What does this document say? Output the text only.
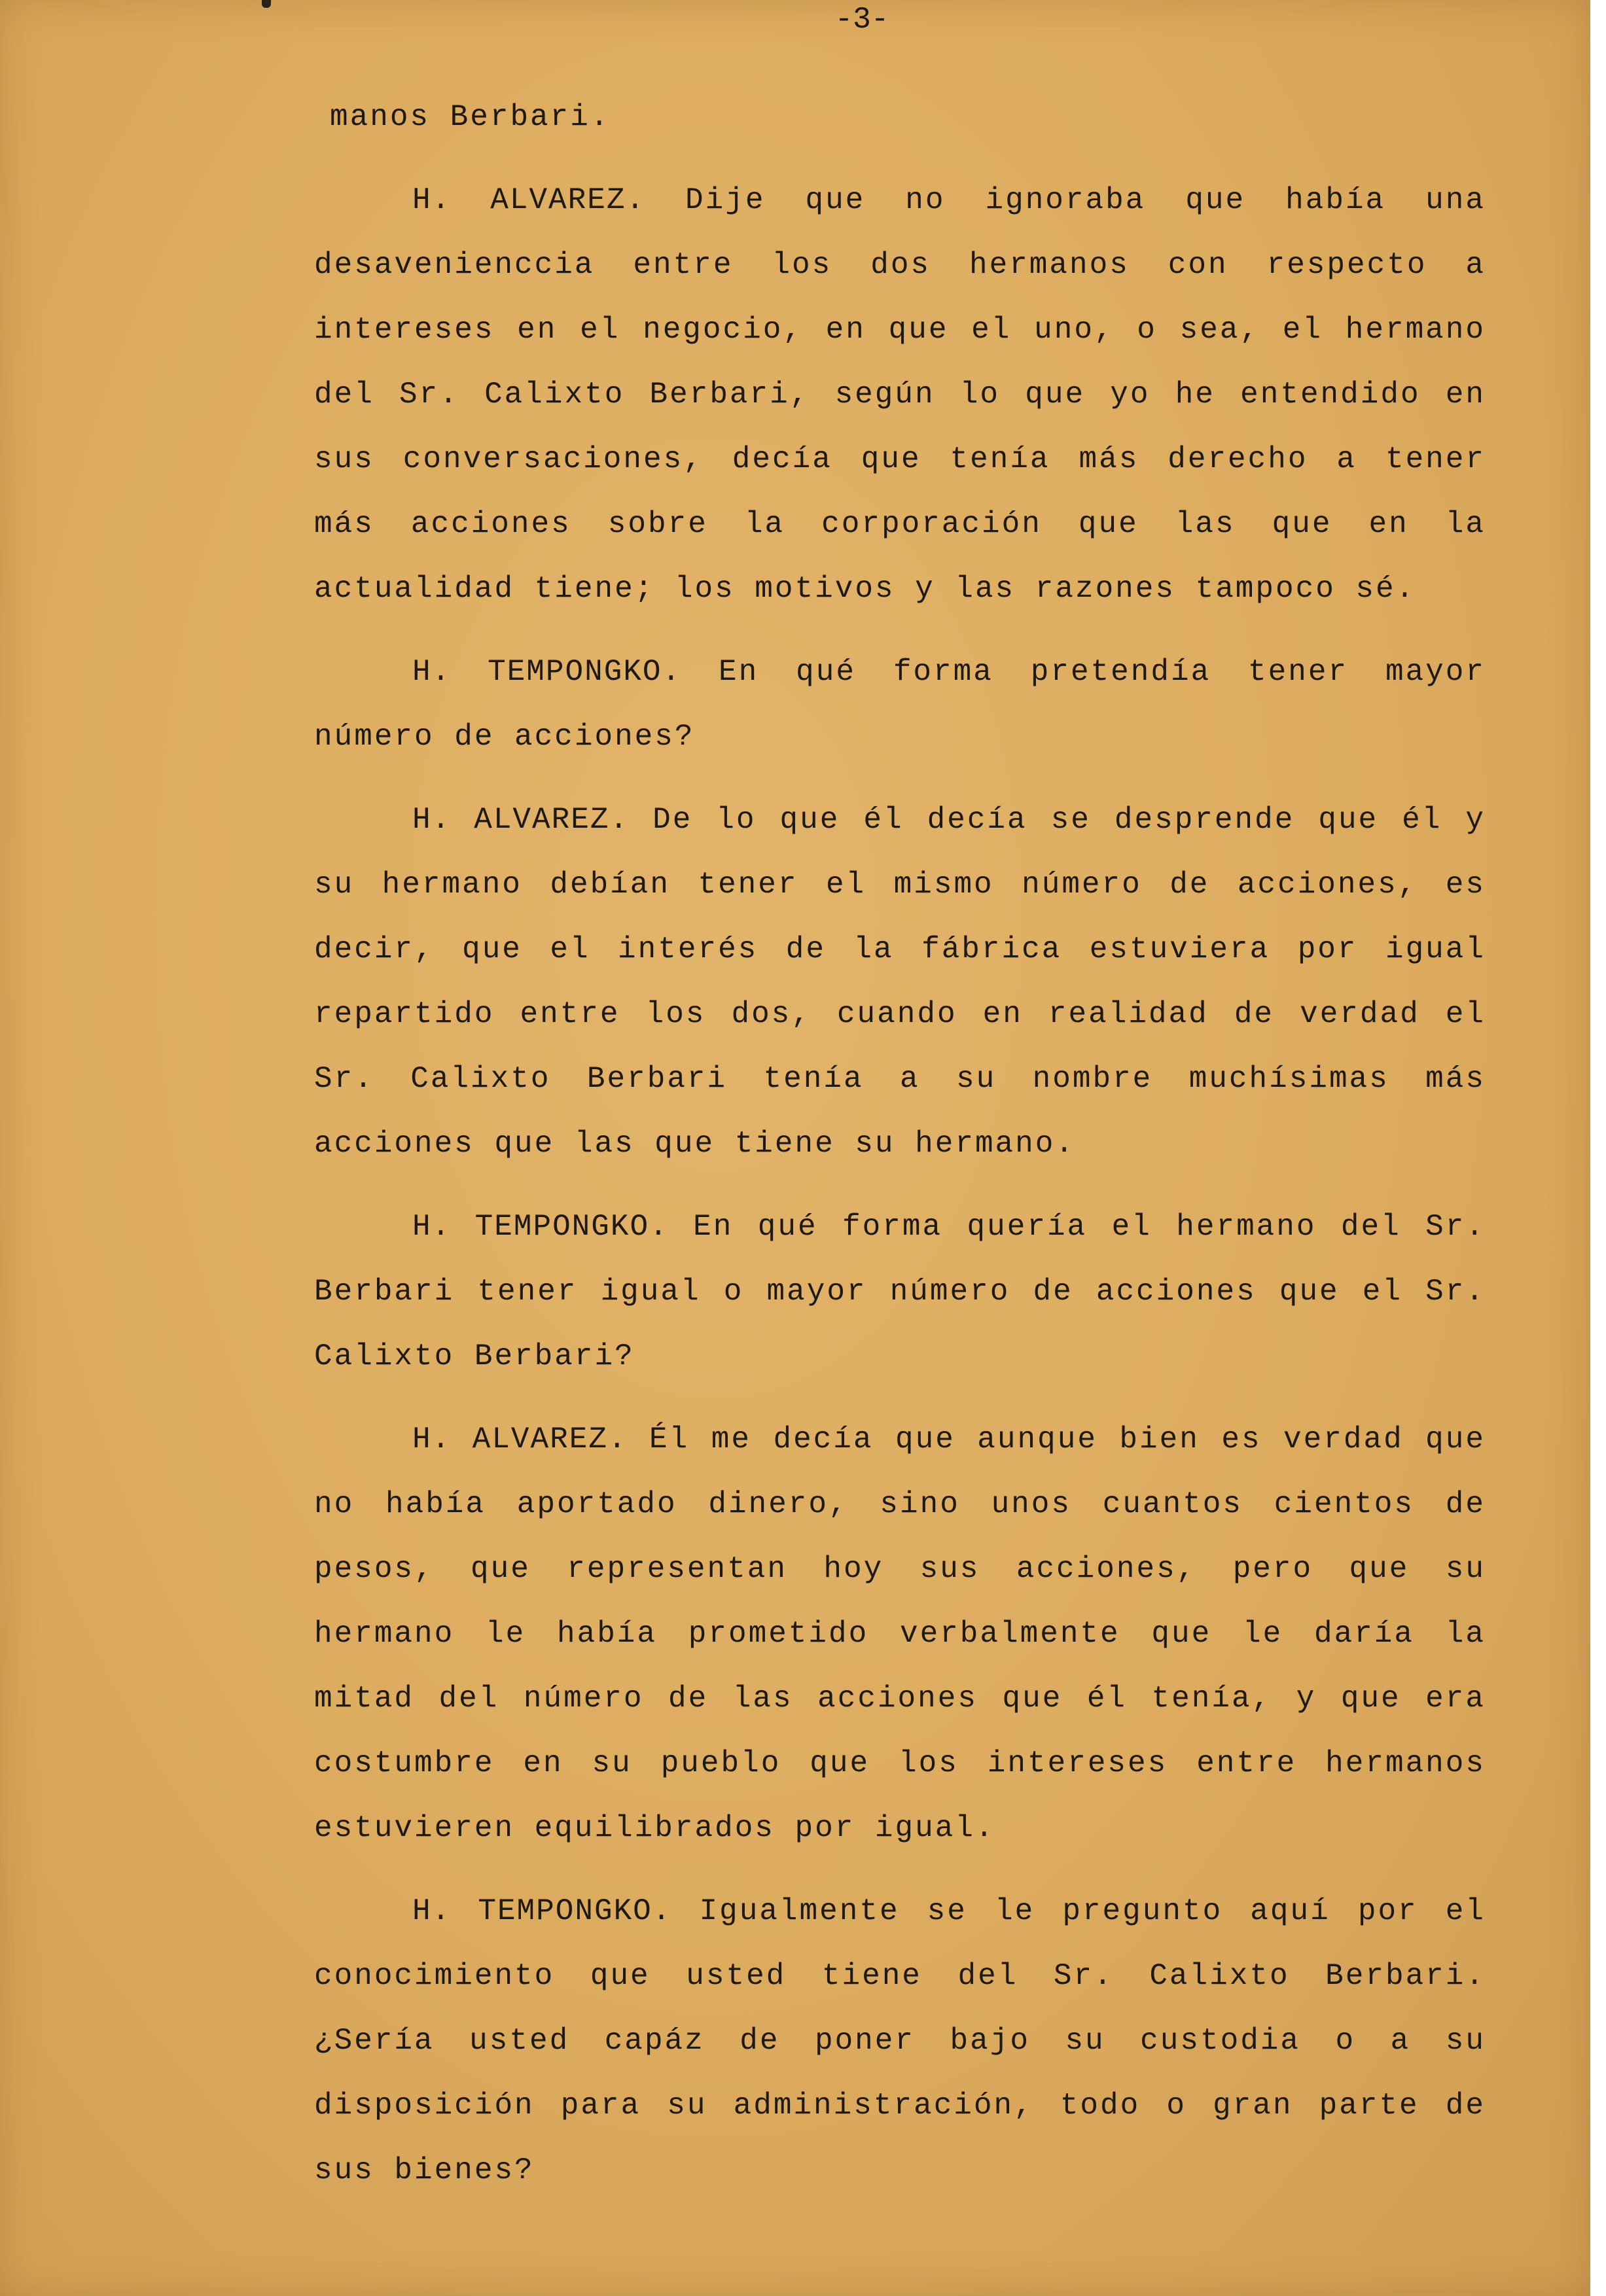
-3-

manos Berbari.

H. ALVAREZ. Dije que no ignoraba que había una desavenienccia entre los dos hermanos con respecto a intereses en el negocio, en que el uno, o sea, el hermano del Sr. Calixto Berbari, según lo que yo he entendido en sus conversaciones, decía que tenía más derecho a tener más acciones sobre la corporación que las que en la actualidad tiene; los motivos y las razones tampoco sé.

H. TEMPONGKO. En qué forma pretendía tener mayor número de acciones?

H. ALVAREZ. De lo que él decía se desprende que él y su hermano debían tener el mismo número de acciones, es decir, que el interés de la fábrica estuviera por igual repartido entre los dos, cuando en realidad de verdad el Sr. Calixto Berbari tenía a su nombre muchísimas más acciones que las que tiene su hermano.

H. TEMPONGKO. En qué forma quería el hermano del Sr. Berbari tener igual o mayor número de acciones que el Sr. Calixto Berbari?

H. ALVAREZ. Él me decía que aunque bien es verdad que no había aportado dinero, sino unos cuantos cientos de pesos, que representan hoy sus acciones, pero que su hermano le había prometido verbalmente que le daría la mitad del número de las acciones que él tenía, y que era costumbre en su pueblo que los intereses entre hermanos estuvieren equilibrados por igual.

H. TEMPONGKO. Igualmente se le pregunto aquí por el conocimiento que usted tiene del Sr. Calixto Berbari. ¿Sería usted capáz de poner bajo su custodia o a su disposición para su administración, todo o gran parte de sus bienes?
